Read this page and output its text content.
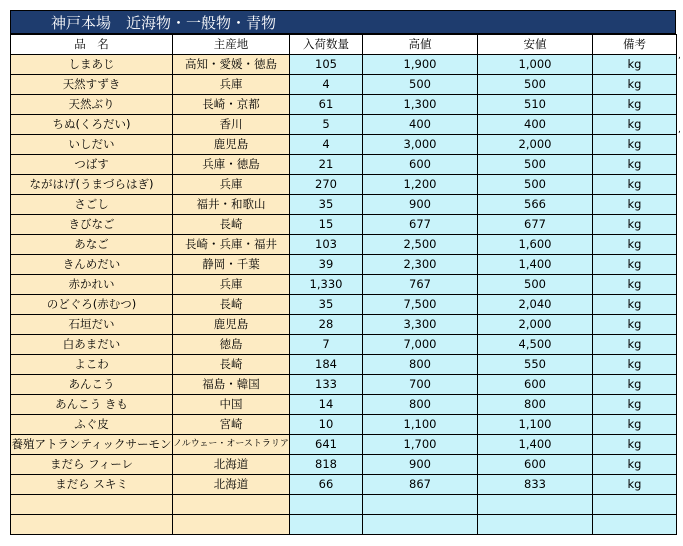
神戸本場　近海物・一般物・青物
品　名	主産地	入荷数量	高値	安値	備考
しまあじ	高知・愛媛・徳島	105	1,900	1,000	kg
天然すずき	兵庫	4	500	500	kg
天然ぶり	長崎・京都	61	1,300	510	kg
ちぬ(くろだい)	香川	5	400	400	kg
いしだい	鹿児島	4	3,000	2,000	kg
つばす	兵庫・徳島	21	600	500	kg
ながはげ(うまづらはぎ)	兵庫	270	1,200	500	kg
さごし	福井・和歌山	35	900	566	kg
きびなご	長崎	15	677	677	kg
あなご	長崎・兵庫・福井	103	2,500	1,600	kg
きんめだい	静岡・千葉	39	2,300	1,400	kg
赤かれい	兵庫	1,330	767	500	kg
のどぐろ(赤むつ)	長崎	35	7,500	2,040	kg
石垣だい	鹿児島	28	3,300	2,000	kg
白あまだい	徳島	7	7,000	4,500	kg
よこわ	長崎	184	800	550	kg
あんこう	福島・韓国	133	700	600	kg
あんこう きも	中国	14	800	800	kg
ふぐ皮	宮崎	10	1,100	1,100	kg
養殖アトランティックサーモン	ノルウェー・オーストラリア	641	1,700	1,400	kg
まだら フィーレ	北海道	818	900	600	kg
まだら スキミ	北海道	66	867	833	kg

,
,
